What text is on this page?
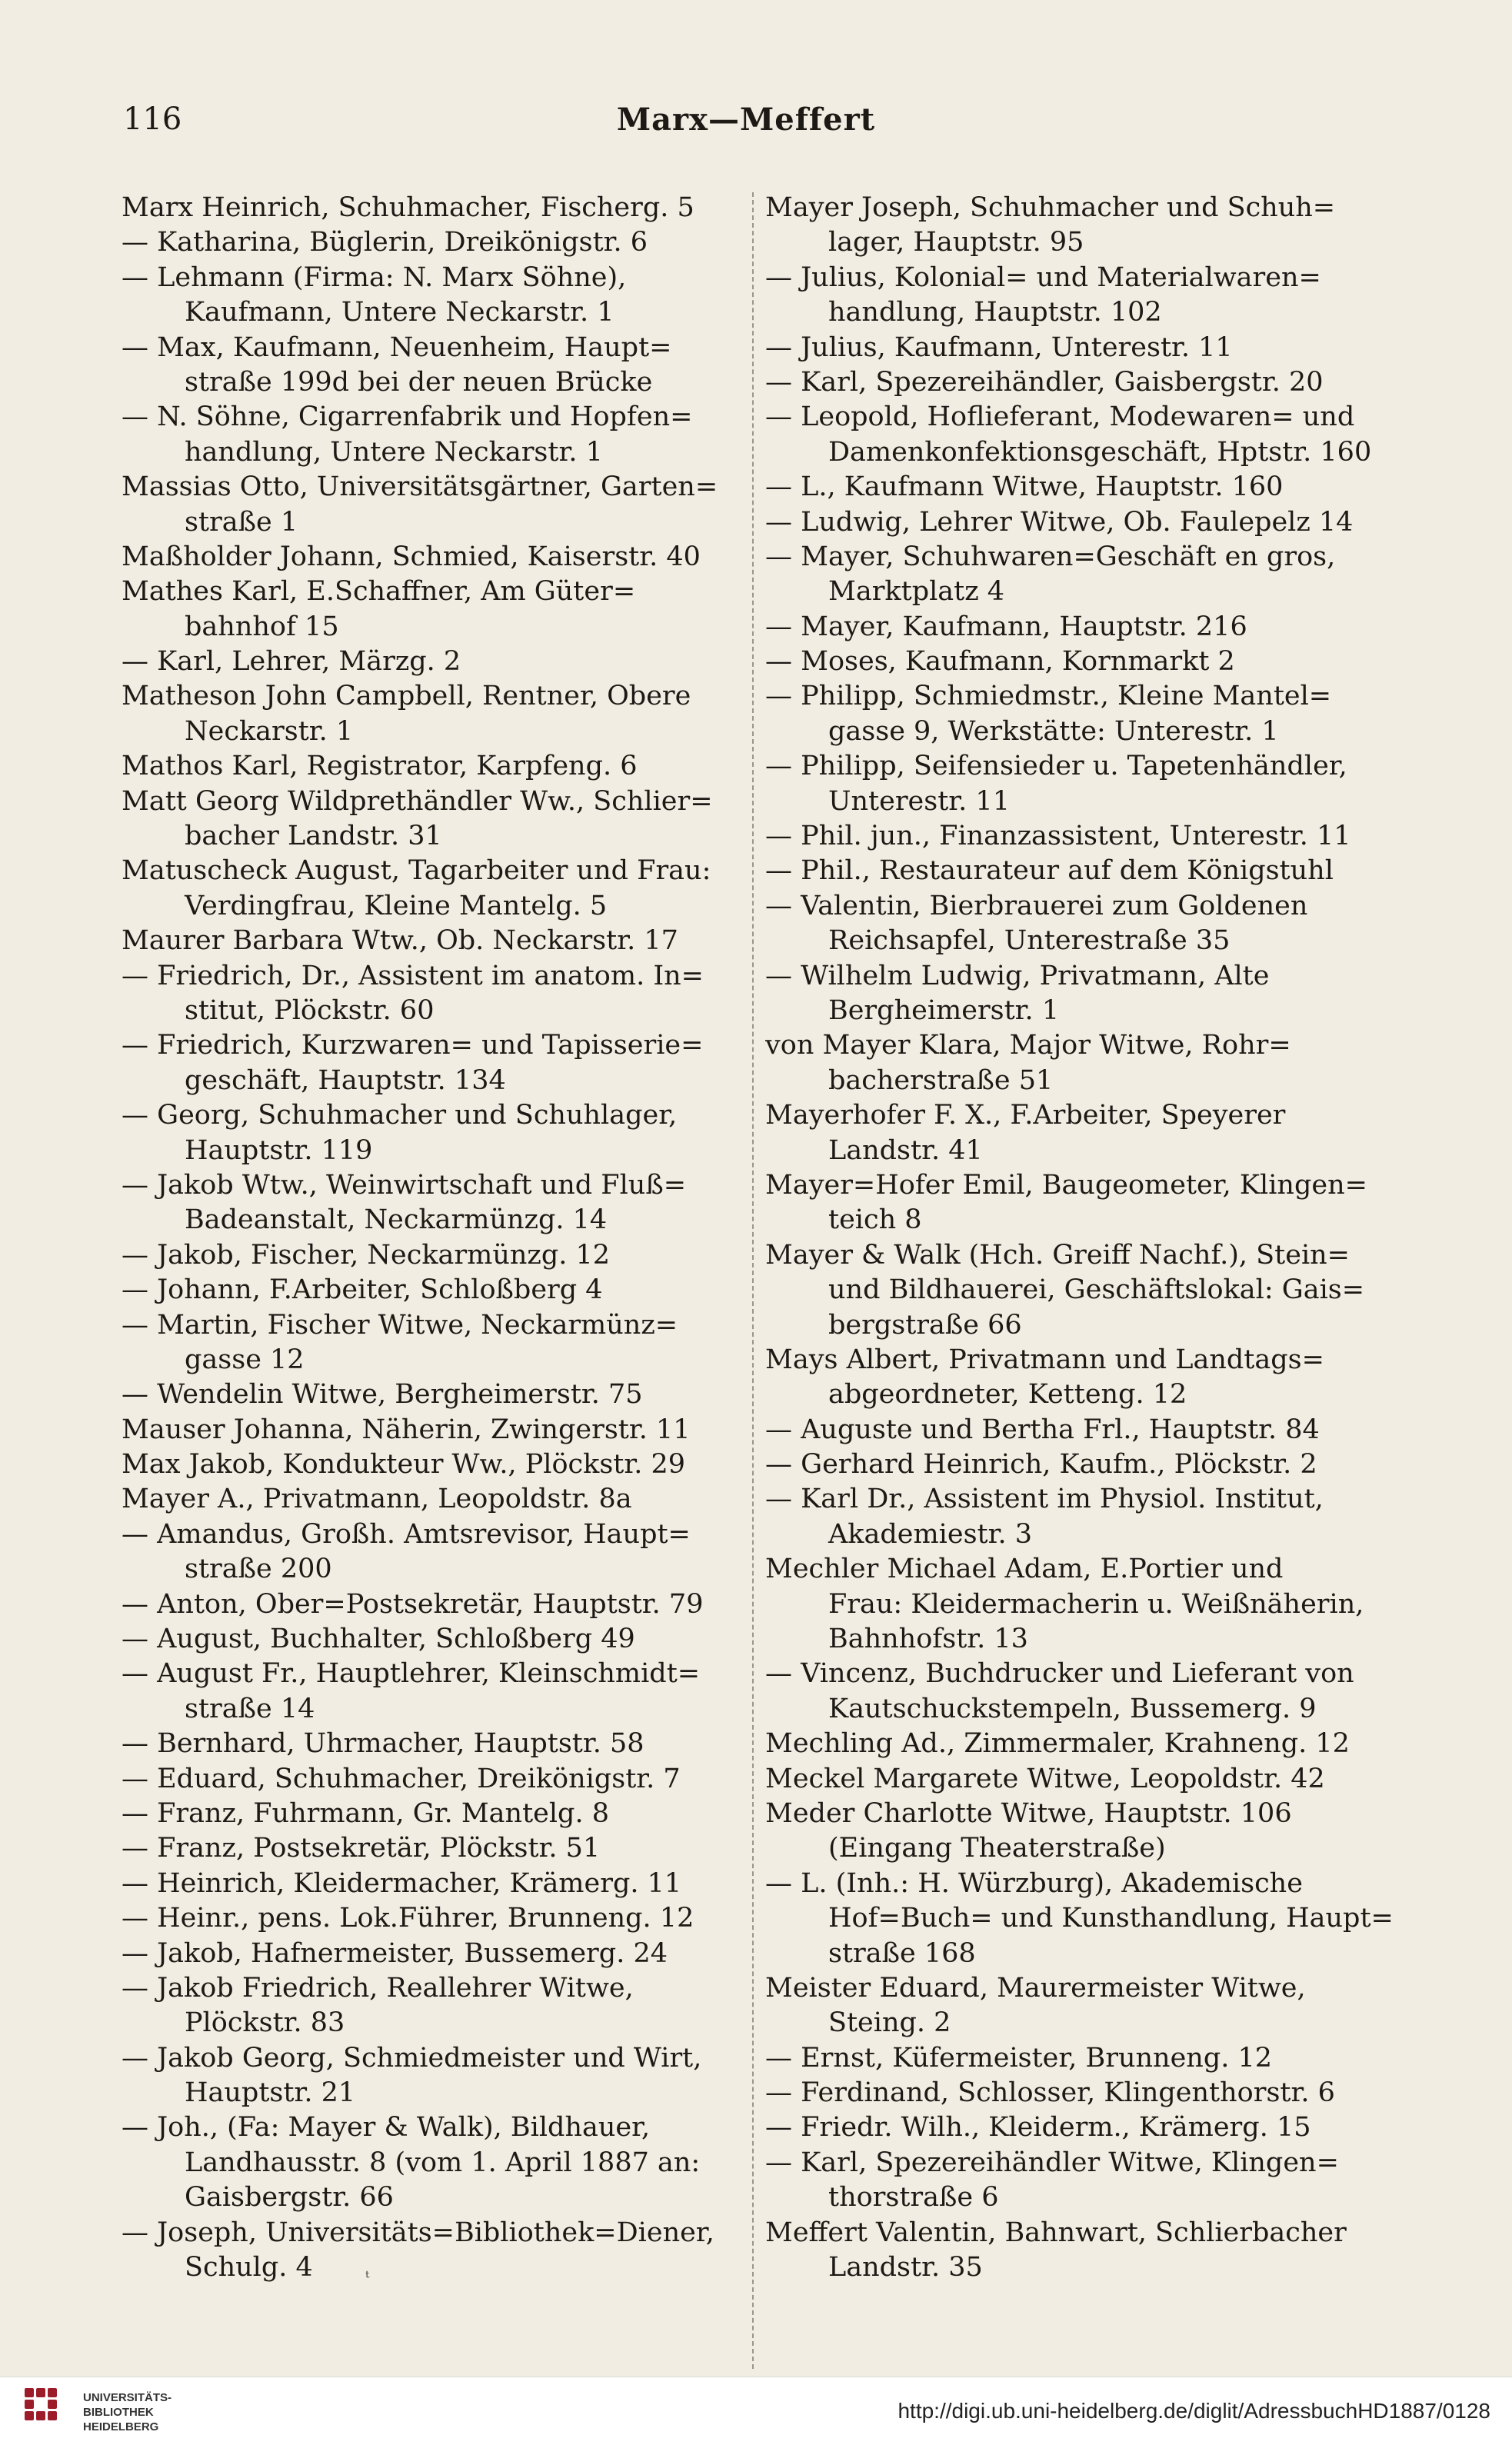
116	Marx—Meffert
Marx Heinrich, Schuhmacher, Fischerg. 5
— Katharina, Büglerin, Dreikönigstr. 6
— Lehmann (Firma: N. Marx Söhne),
Kaufmann, Untere Neckarstr. 1
— Max, Kaufmann, Neuenheim, Haupt=
straße 199d bei der neuen Brücke
— N. Söhne, Cigarrenfabrik und Hopfen=
handlung, Untere Neckarstr. 1
Massias Otto, Universitätsgärtner, Garten=
straße 1
Maßholder Johann, Schmied, Kaiserstr. 40
Mathes Karl, E.Schaffner, Am Güter=
bahnhof 15
— Karl, Lehrer, Märzg. 2
Matheson John Campbell, Rentner, Obere
Neckarstr. 1
Mathos Karl, Registrator, Karpfeng. 6
Matt Georg Wildprethändler Ww., Schlier=
bacher Landstr. 31
Matuscheck August, Tagarbeiter und Frau:
Verdingfrau, Kleine Mantelg. 5
Maurer Barbara Wtw., Ob. Neckarstr. 17
— Friedrich, Dr., Assistent im anatom. In=
stitut, Plöckstr. 60
— Friedrich, Kurzwaren= und Tapisserie=
geschäft, Hauptstr. 134
— Georg, Schuhmacher und Schuhlager,
Hauptstr. 119
— Jakob Wtw., Weinwirtschaft und Fluß=
Badeanstalt, Neckarmünzg. 14
— Jakob, Fischer, Neckarmünzg. 12
— Johann, F.Arbeiter, Schloßberg 4
— Martin, Fischer Witwe, Neckarmünz=
gasse 12
— Wendelin Witwe, Bergheimerstr. 75
Mauser Johanna, Näherin, Zwingerstr. 11
Max Jakob, Kondukteur Ww., Plöckstr. 29
Mayer A., Privatmann, Leopoldstr. 8a
— Amandus, Großh. Amtsrevisor, Haupt=
straße 200
— Anton, Ober=Postsekretär, Hauptstr. 79
— August, Buchhalter, Schloßberg 49
— August Fr., Hauptlehrer, Kleinschmidt=
straße 14
— Bernhard, Uhrmacher, Hauptstr. 58
— Eduard, Schuhmacher, Dreikönigstr. 7
— Franz, Fuhrmann, Gr. Mantelg. 8
— Franz, Postsekretär, Plöckstr. 51
— Heinrich, Kleidermacher, Krämerg. 11
— Heinr., pens. Lok.Führer, Brunneng. 12
— Jakob, Hafnermeister, Bussemerg. 24
— Jakob Friedrich, Reallehrer Witwe,
Plöckstr. 83
— Jakob Georg, Schmiedmeister und Wirt,
Hauptstr. 21
— Joh., (Fa: Mayer & Walk), Bildhauer,
Landhausstr. 8 (vom 1. April 1887 an:
Gaisbergstr. 66
— Joseph, Universitäts=Bibliothek=Diener,
Schulg. 4
Mayer Joseph, Schuhmacher und Schuh=
lager, Hauptstr. 95
— Julius, Kolonial= und Materialwaren=
handlung, Hauptstr. 102
— Julius, Kaufmann, Unterestr. 11
— Karl, Spezereihändler, Gaisbergstr. 20
— Leopold, Hoflieferant, Modewaren= und
Damenkonfektionsgeschäft, Hptstr. 160
— L., Kaufmann Witwe, Hauptstr. 160
— Ludwig, Lehrer Witwe, Ob. Faulepelz 14
— Mayer, Schuhwaren=Geschäft en gros,
Marktplatz 4
— Mayer, Kaufmann, Hauptstr. 216
— Moses, Kaufmann, Kornmarkt 2
— Philipp, Schmiedmstr., Kleine Mantel=
gasse 9, Werkstätte: Unterestr. 1
— Philipp, Seifensieder u. Tapetenhändler,
Unterestr. 11
— Phil. jun., Finanzassistent, Unterestr. 11
— Phil., Restaurateur auf dem Königstuhl
— Valentin, Bierbrauerei zum Goldenen
Reichsapfel, Unterestraße 35
— Wilhelm Ludwig, Privatmann, Alte
Bergheimerstr. 1
von Mayer Klara, Major Witwe, Rohr=
bacherstraße 51
Mayerhofer F. X., F.Arbeiter, Speyerer
Landstr. 41
Mayer=Hofer Emil, Baugeometer, Klingen=
teich 8
Mayer & Walk (Hch. Greiff Nachf.), Stein=
und Bildhauerei, Geschäftslokal: Gais=
bergstraße 66
Mays Albert, Privatmann und Landtags=
abgeordneter, Ketteng. 12
— Auguste und Bertha Frl., Hauptstr. 84
— Gerhard Heinrich, Kaufm., Plöckstr. 2
— Karl Dr., Assistent im Physiol. Institut,
Akademiestr. 3
Mechler Michael Adam, E.Portier und
Frau: Kleidermacherin u. Weißnäherin,
Bahnhofstr. 13
— Vincenz, Buchdrucker und Lieferant von
Kautschuckstempeln, Bussemerg. 9
Mechling Ad., Zimmermaler, Krahneng. 12
Meckel Margarete Witwe, Leopoldstr. 42
Meder Charlotte Witwe, Hauptstr. 106
(Eingang Theaterstraße)
— L. (Inh.: H. Würzburg), Akademische
Hof=Buch= und Kunsthandlung, Haupt=
straße 168
Meister Eduard, Maurermeister Witwe,
Steing. 2
— Ernst, Küfermeister, Brunneng. 12
— Ferdinand, Schlosser, Klingenthorstr. 6
— Friedr. Wilh., Kleiderm., Krämerg. 15
— Karl, Spezereihändler Witwe, Klingen=
thorstraße 6
Meffert Valentin, Bahnwart, Schlierbacher
Landstr. 35
ᵗ
UNIVERSITÄTS-
BIBLIOTHEK
HEIDELBERG
http://digi.ub.uni-heidelberg.de/diglit/AdressbuchHD1887/0128
